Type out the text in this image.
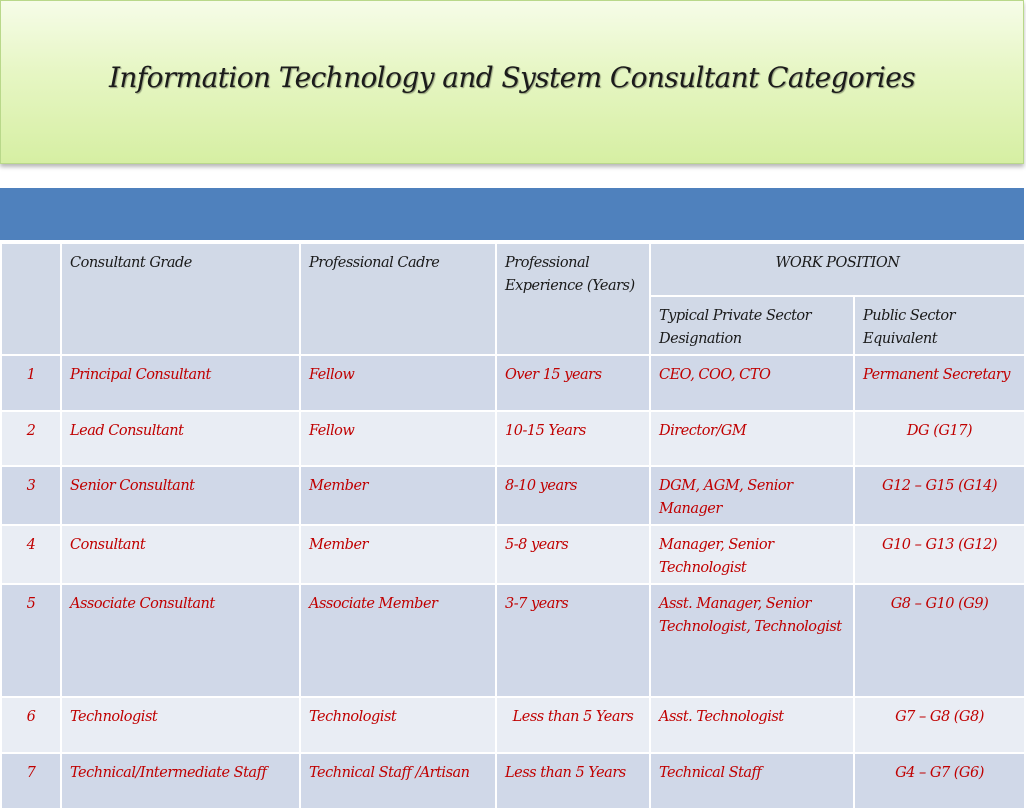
Information Technology and System Consultant Categories
	Consultant Grade	Professional Cadre	Professional Experience (Years)	WORK POSITION	
				Typical Private Sector Designation	Public Sector Equivalent
1	Principal Consultant	Fellow	Over 15 years	CEO, COO, CTO	Permanent Secretary
2	Lead Consultant	Fellow	10-15 Years	Director/GM	DG (G17)
3	Senior Consultant	Member	8-10 years	DGM, AGM, Senior Manager	G12 – G15 (G14)
4	Consultant	Member	5-8 years	Manager, Senior Technologist	G10 – G13 (G12)
5	Associate Consultant	Associate Member	3-7 years	Asst. Manager, Senior Technologist, Technologist	G8 – G10 (G9)
6	Technologist	Technologist	Less than 5 Years	Asst. Technologist	G7 – G8 (G8)
7	Technical/Intermediate Staff	Technical Staff /Artisan	Less than 5 Years	Technical Staff	G4 – G7 (G6)
